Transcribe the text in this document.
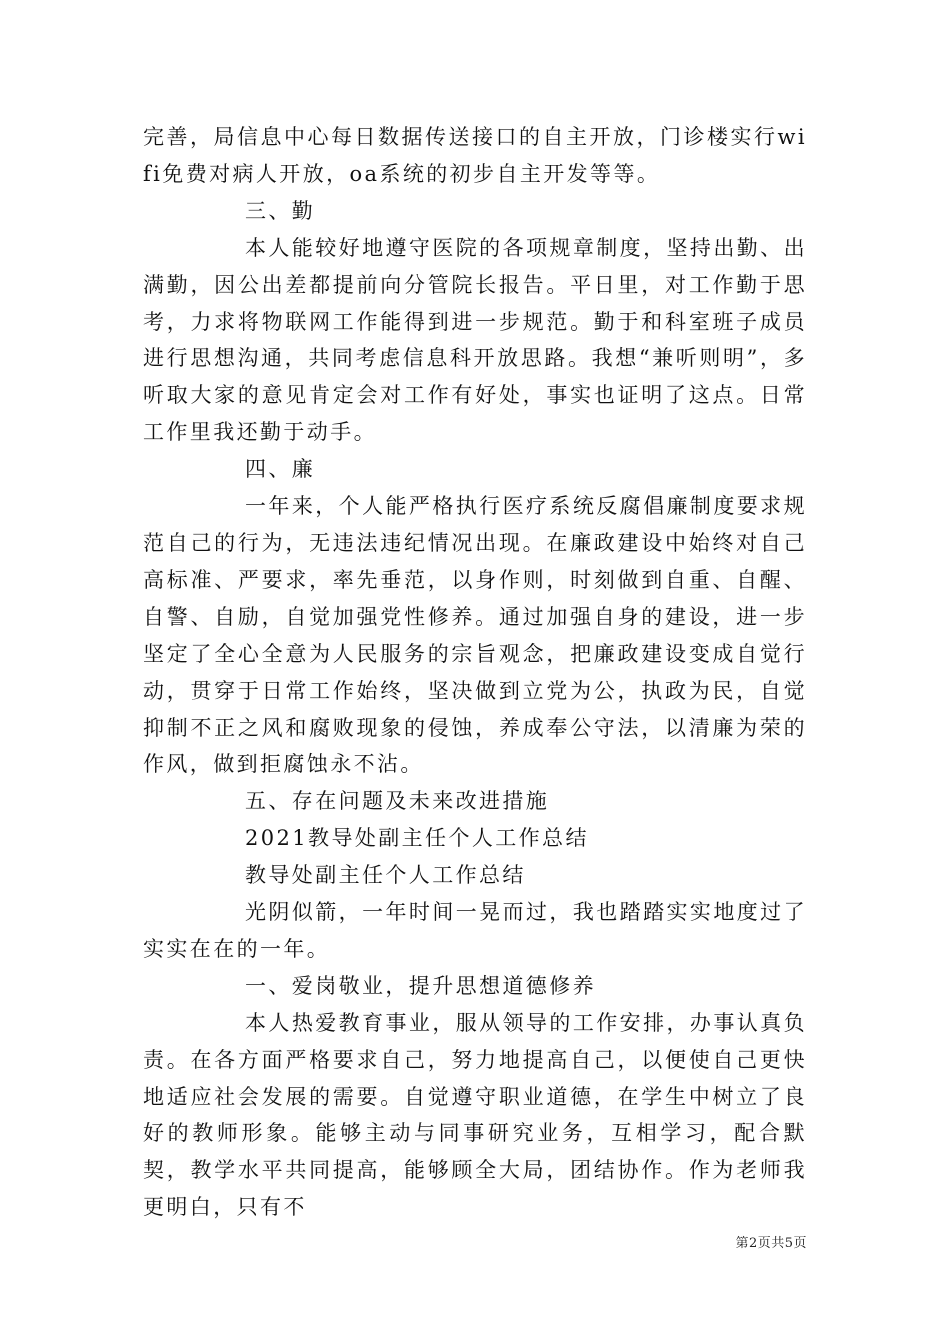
完善，局信息中心每日数据传送接口的自主开放，门诊楼实行wifi免费对病人开放，oa系统的初步自主开发等等。

三、勤

本人能较好地遵守医院的各项规章制度，坚持出勤、出满勤，因公出差都提前向分管院长报告。平日里，对工作勤于思考，力求将物联网工作能得到进一步规范。勤于和科室班子成员进行思想沟通，共同考虑信息科开放思路。我想“兼听则明”，多听取大家的意见肯定会对工作有好处，事实也证明了这点。日常工作里我还勤于动手。

四、廉

一年来，个人能严格执行医疗系统反腐倡廉制度要求规范自己的行为，无违法违纪情况出现。在廉政建设中始终对自己高标准、严要求，率先垂范，以身作则，时刻做到自重、自醒、自警、自励，自觉加强党性修养。通过加强自身的建设，进一步坚定了全心全意为人民服务的宗旨观念，把廉政建设变成自觉行动，贯穿于日常工作始终，坚决做到立党为公，执政为民，自觉抑制不正之风和腐败现象的侵蚀，养成奉公守法，以清廉为荣的作风，做到拒腐蚀永不沾。

五、存在问题及未来改进措施

2021教导处副主任个人工作总结

教导处副主任个人工作总结

光阴似箭，一年时间一晃而过，我也踏踏实实地度过了实实在在的一年。

一、爱岗敬业，提升思想道德修养

本人热爱教育事业，服从领导的工作安排，办事认真负责。在各方面严格要求自己，努力地提高自己，以便使自己更快地适应社会发展的需要。自觉遵守职业道德，在学生中树立了良好的教师形象。能够主动与同事研究业务，互相学习，配合默契，教学水平共同提高，能够顾全大局，团结协作。作为老师我更明白，只有不

第2页共5页
